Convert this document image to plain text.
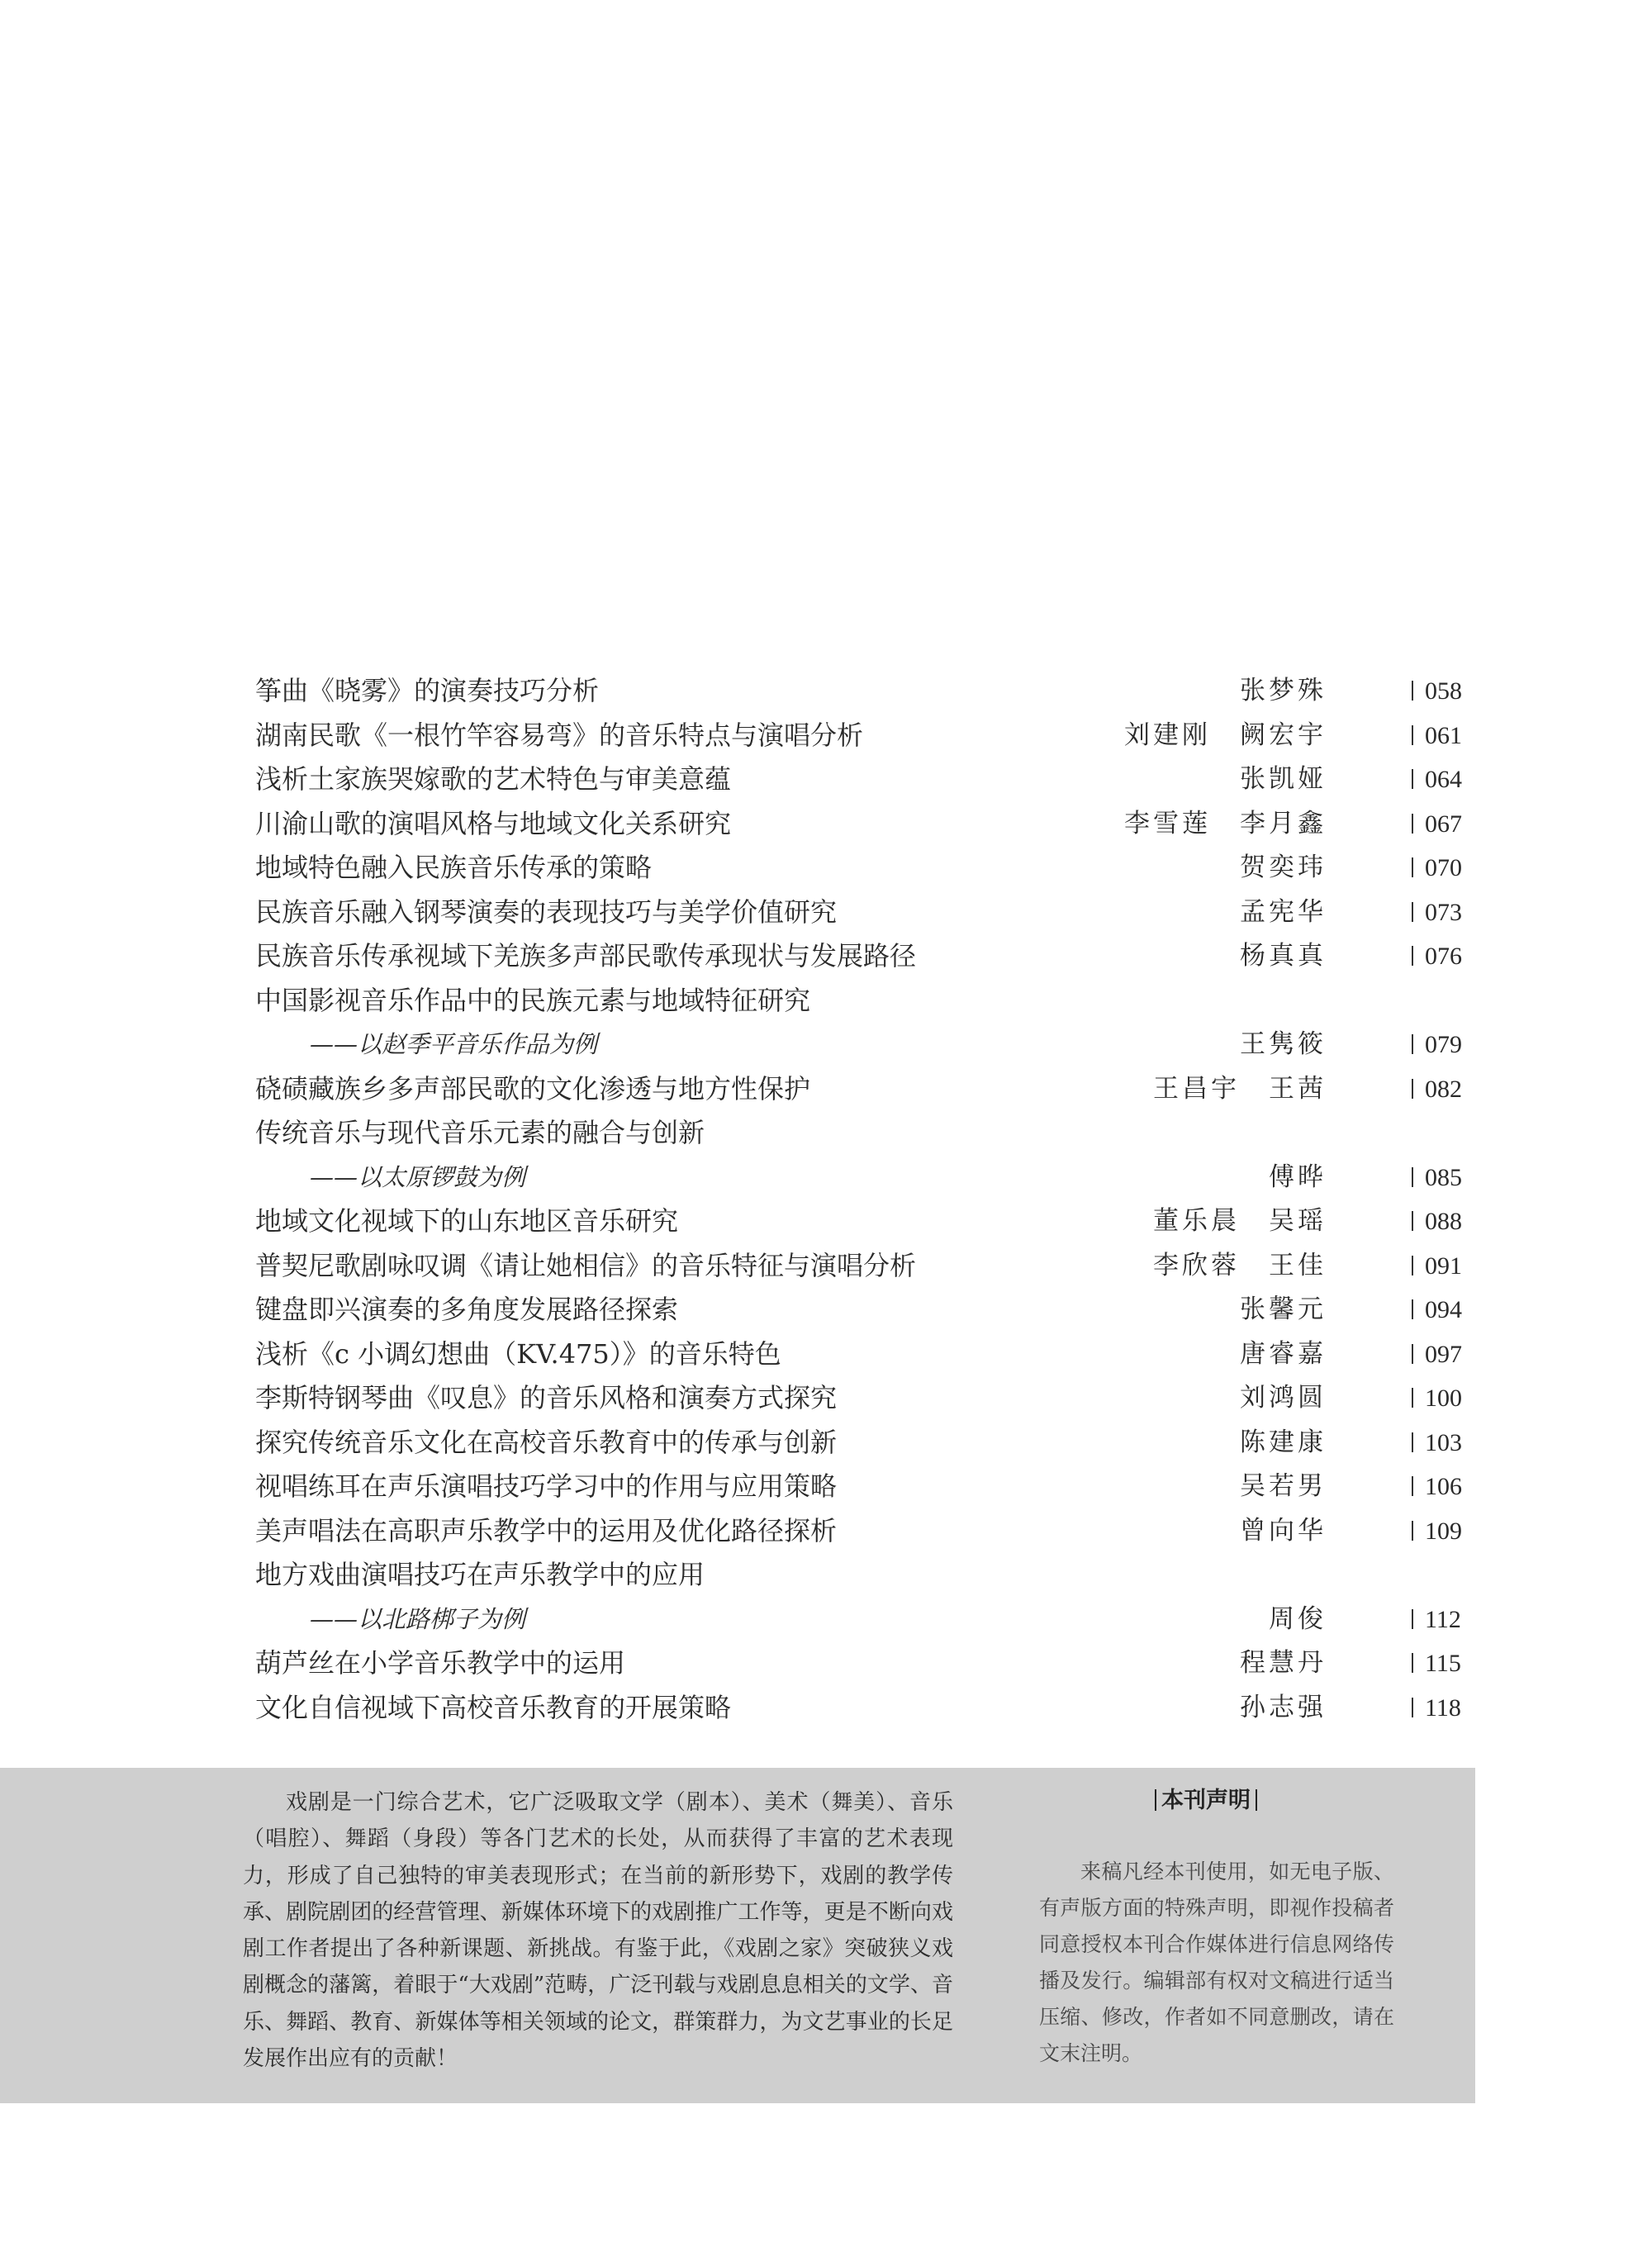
筝曲《晓雾》的演奏技巧分析	张梦殊	058
湖南民歌《一根竹竿容易弯》的音乐特点与演唱分析	刘建刚　阙宏宇	061
浅析土家族哭嫁歌的艺术特色与审美意蕴	张凯娅	064
川渝山歌的演唱风格与地域文化关系研究	李雪莲　李月鑫	067
地域特色融入民族音乐传承的策略	贺奕玮	070
民族音乐融入钢琴演奏的表现技巧与美学价值研究	孟宪华	073
民族音乐传承视域下羌族多声部民歌传承现状与发展路径	杨真真	076
中国影视音乐作品中的民族元素与地域特征研究
——以赵季平音乐作品为例	王隽筱	079
硗碛藏族乡多声部民歌的文化渗透与地方性保护	王昌宇　王茜	082
传统音乐与现代音乐元素的融合与创新
——以太原锣鼓为例	傅晔	085
地域文化视域下的山东地区音乐研究	董乐晨　吴瑶	088
普契尼歌剧咏叹调《请让她相信》的音乐特征与演唱分析	李欣蓉　王佳	091
键盘即兴演奏的多角度发展路径探索	张馨元	094
浅析《c 小调幻想曲（KV.475）》的音乐特色	唐睿嘉	097
李斯特钢琴曲《叹息》的音乐风格和演奏方式探究	刘鸿圆	100
探究传统音乐文化在高校音乐教育中的传承与创新	陈建康	103
视唱练耳在声乐演唱技巧学习中的作用与应用策略	吴若男	106
美声唱法在高职声乐教学中的运用及优化路径探析	曾向华	109
地方戏曲演唱技巧在声乐教学中的应用
——以北路梆子为例	周俊	112
葫芦丝在小学音乐教学中的运用	程慧丹	115
文化自信视域下高校音乐教育的开展策略	孙志强	118

戏剧是一门综合艺术，它广泛吸取文学（剧本）、美术（舞美）、音乐（唱腔）、舞蹈（身段）等各门艺术的长处，从而获得了丰富的艺术表现力，形成了自己独特的审美表现形式；在当前的新形势下，戏剧的教学传承、剧院剧团的经营管理、新媒体环境下的戏剧推广工作等，更是不断向戏剧工作者提出了各种新课题、新挑战。有鉴于此，《戏剧之家》突破狭义戏剧概念的藩篱，着眼于“大戏剧”范畴，广泛刊载与戏剧息息相关的文学、音乐、舞蹈、教育、新媒体等相关领域的论文，群策群力，为文艺事业的长足发展作出应有的贡献！

本刊声明

来稿凡经本刊使用，如无电子版、有声版方面的特殊声明，即视作投稿者同意授权本刊合作媒体进行信息网络传播及发行。编辑部有权对文稿进行适当压缩、修改，作者如不同意删改，请在文末注明。
